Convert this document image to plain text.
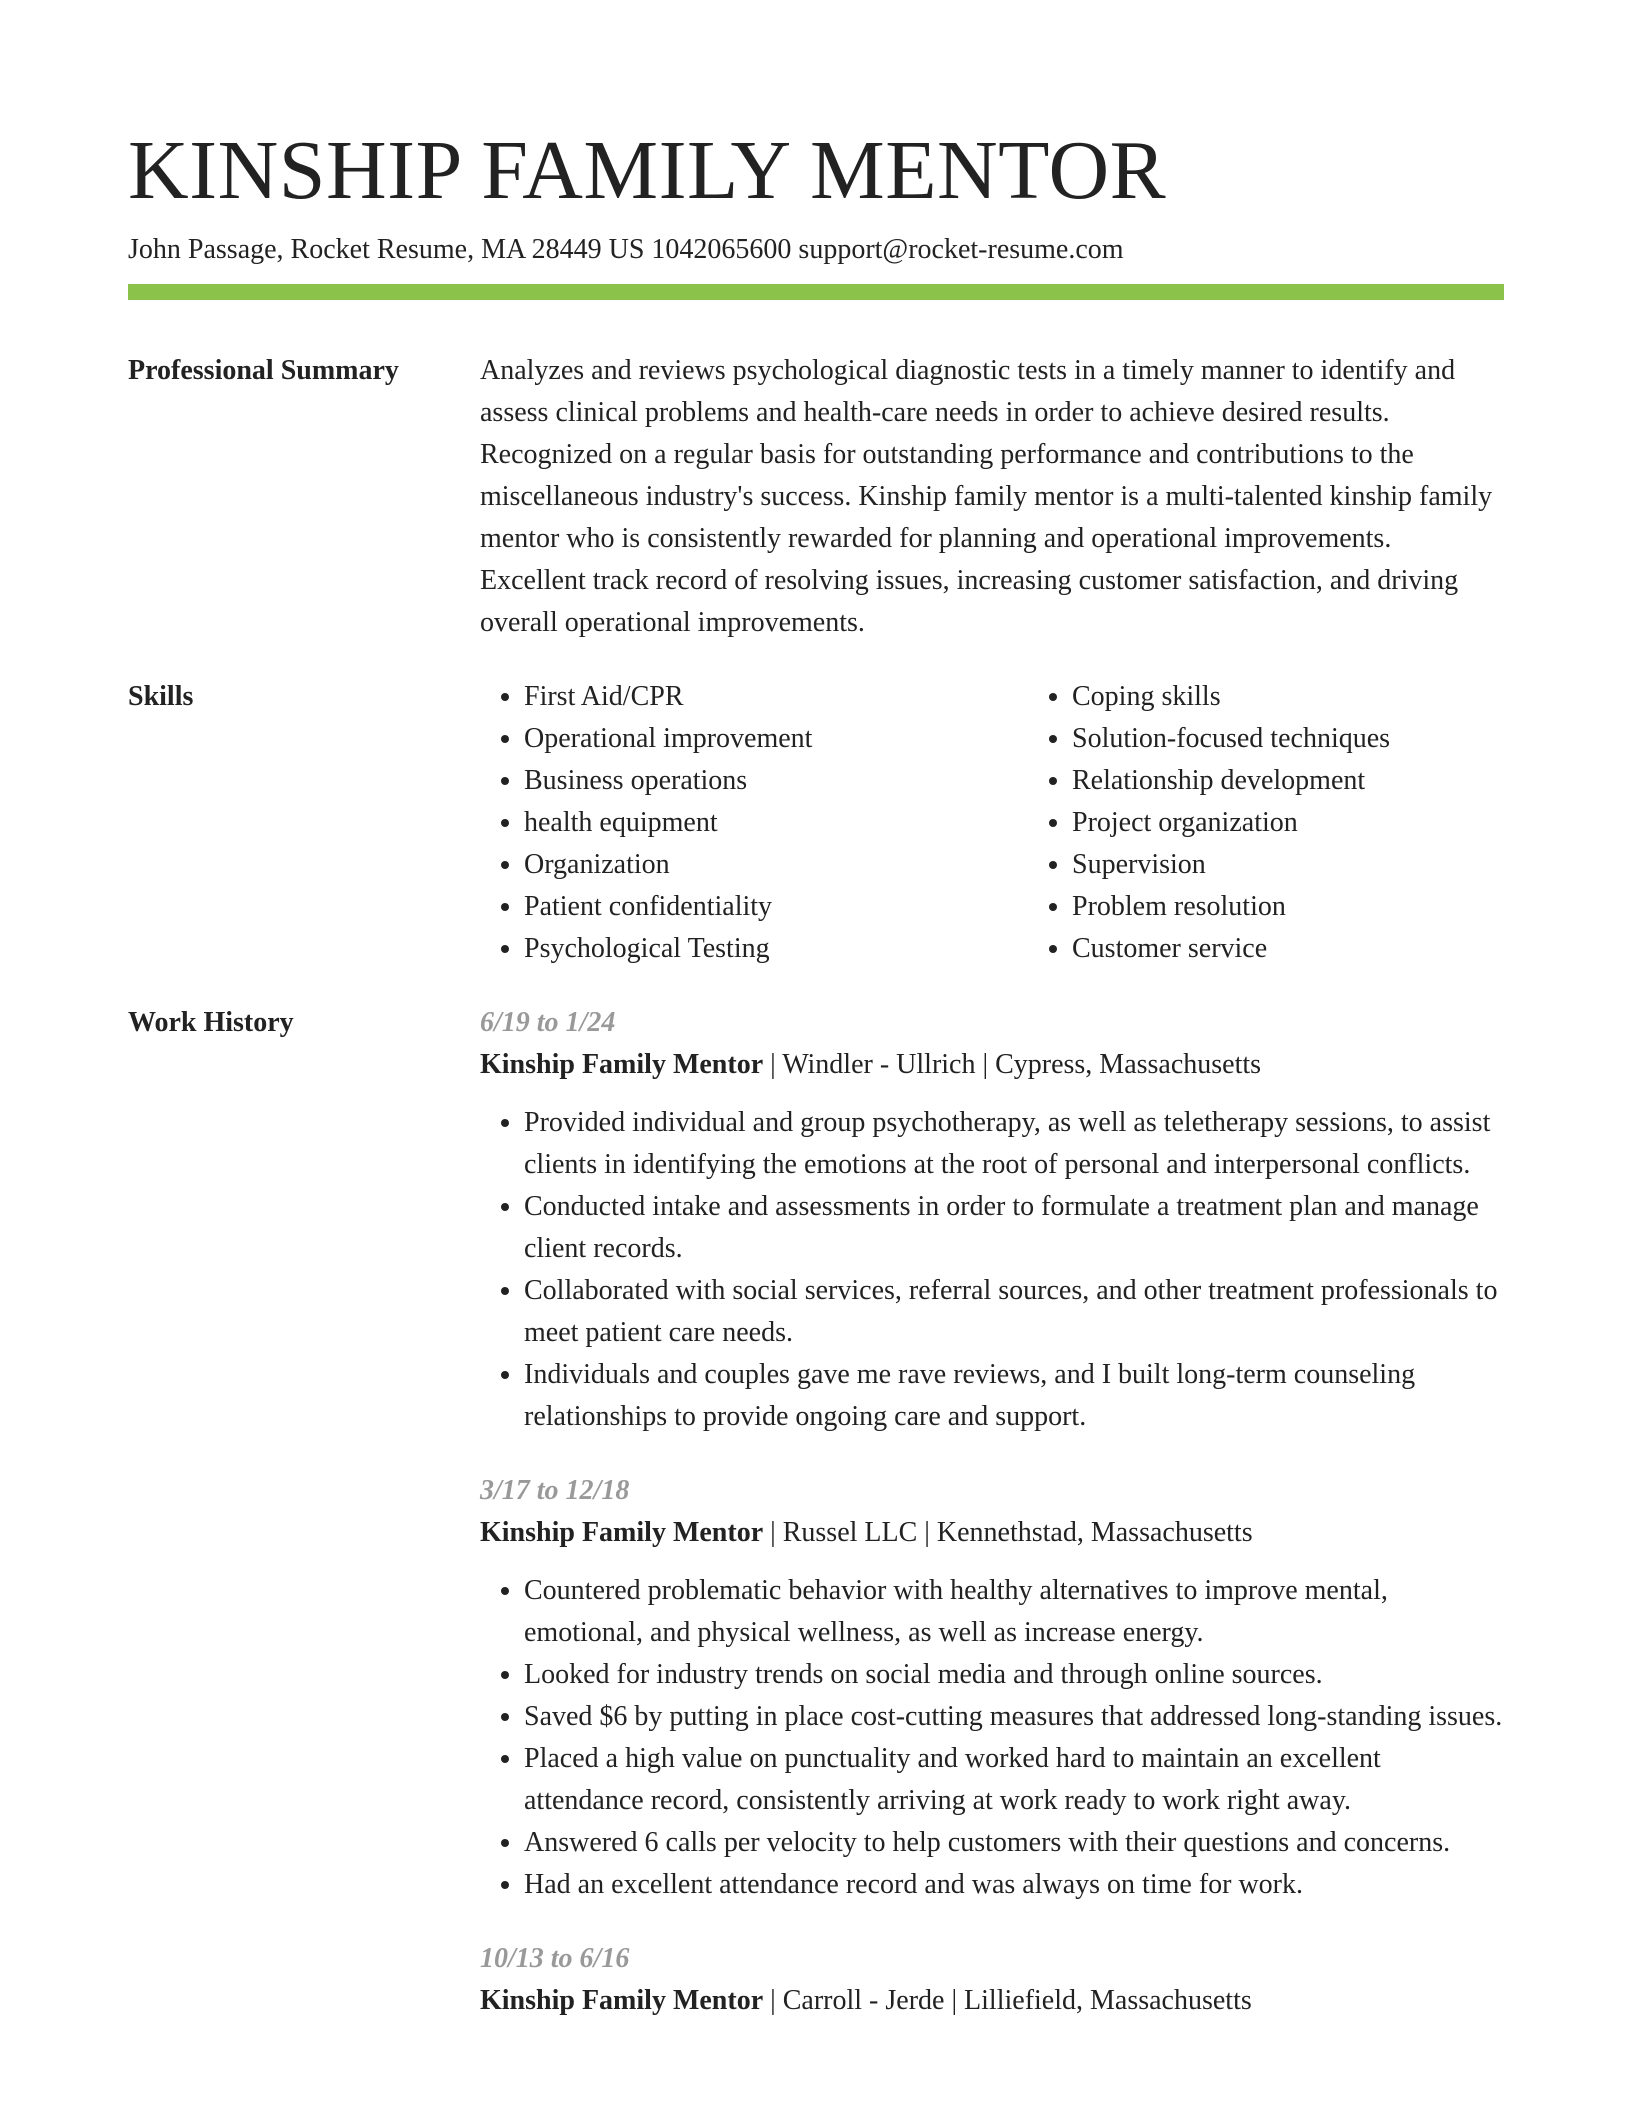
KINSHIP FAMILY MENTOR
John Passage, Rocket Resume, MA 28449 US 1042065600 support@rocket-resume.com
Professional Summary	Analyzes and reviews psychological diagnostic tests in a timely manner to identify and assess clinical problems and health-care needs in order to achieve desired results. Recognized on a regular basis for outstanding performance and contributions to the miscellaneous industry's success. Kinship family mentor is a multi-talented kinship family mentor who is consistently rewarded for planning and operational improvements. Excellent track record of resolving issues, increasing customer satisfaction, and driving overall operational improvements.

Skills
•	First Aid/CPR
• Operational improvement
• Business operations
• health equipment
• Organization
• Patient confidentiality
• Psychological Testing
• Coping skills
• Solution-focused techniques
• Relationship development
• Project organization
• Supervision
• Problem resolution
• Customer service
Work History	6/19 to 1/24
Kinship Family Mentor | Windler - Ullrich | Cypress, Massachusetts
• Provided individual and group psychotherapy, as well as teletherapy sessions, to assist clients in identifying the emotions at the root of personal and interpersonal conflicts.
• Conducted intake and assessments in order to formulate a treatment plan and manage client records.
• Collaborated with social services, referral sources, and other treatment professionals to meet patient care needs.
• Individuals and couples gave me rave reviews, and I built long-term counseling relationships to provide ongoing care and support.
3/17 to 12/18
Kinship Family Mentor | Russel LLC | Kennethstad, Massachusetts
• Countered problematic behavior with healthy alternatives to improve mental, emotional, and physical wellness, as well as increase energy.
• Looked for industry trends on social media and through online sources.
• Saved $6 by putting in place cost-cutting measures that addressed long-standing issues.
• Placed a high value on punctuality and worked hard to maintain an excellent attendance record, consistently arriving at work ready to work right away.
• Answered 6 calls per velocity to help customers with their questions and concerns.
• Had an excellent attendance record and was always on time for work.
10/13 to 6/16
Kinship Family Mentor | Carroll - Jerde | Lilliefield, Massachusetts
